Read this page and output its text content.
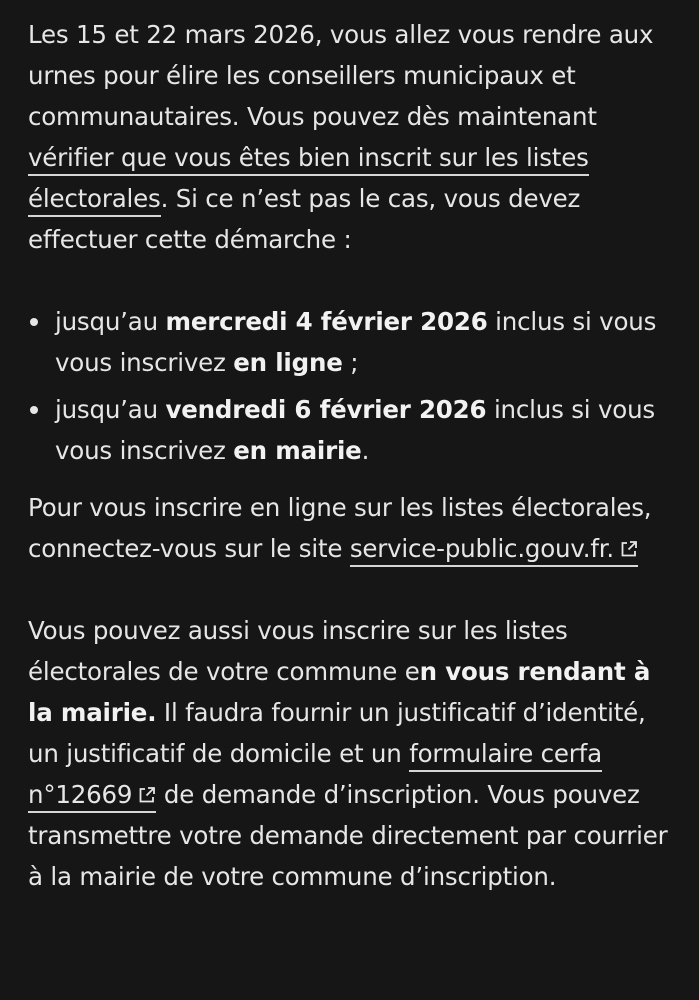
Les 15 et 22 mars 2026, vous allez vous rendre aux urnes pour élire les conseillers municipaux et communautaires. Vous pouvez dès maintenant vérifier que vous êtes bien inscrit sur les listes électorales. Si ce n’est pas le cas, vous devez effectuer cette démarche :

jusqu’au mercredi 4 février 2026 inclus si vous vous inscrivez en ligne ;
jusqu’au vendredi 6 février 2026 inclus si vous vous inscrivez en mairie.

Pour vous inscrire en ligne sur les listes électorales, connectez-vous sur le site service-public.gouv.fr.

Vous pouvez aussi vous inscrire sur les listes électorales de votre commune en vous rendant à la mairie. Il faudra fournir un justificatif d’identité, un justificatif de domicile et un formulaire cerfa n°12669 de demande d’inscription. Vous pouvez transmettre votre demande directement par courrier à la mairie de votre commune d’inscription.
